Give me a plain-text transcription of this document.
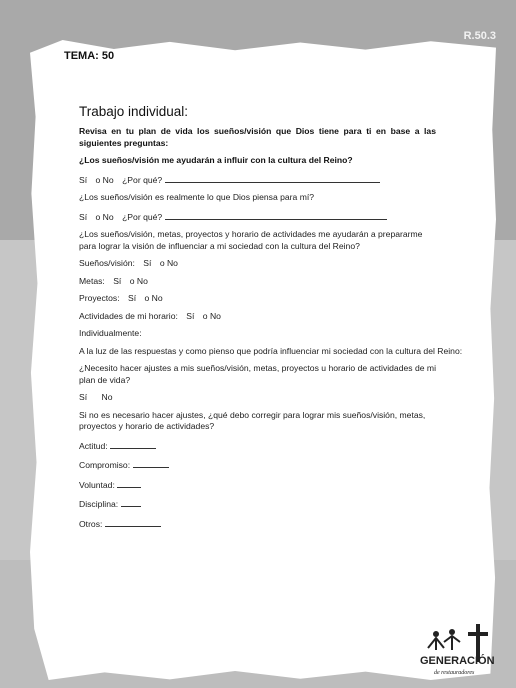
R.50.3
TEMA: 50
Trabajo individual:
Revisa en tu plan de vida los sueños/visión que Dios tiene para ti en base a las siguientes preguntas:
¿Los sueños/visión me ayudarán a influir con la cultura del Reino?
Sí o No ¿Por qué?
¿Los sueños/visión es realmente lo que Dios piensa para mí?
Sí o No ¿Por qué?
¿Los sueños/visión, metas, proyectos y horario de actividades me ayudarán a prepararme para lograr la visión de influenciar a mi sociedad con la cultura del Reino?
Sueños/visión: Sí o No
Metas: Sí o No
Proyectos: Sí o No
Actividades de mi horario: Sí o No
Individualmente:
A la luz de las respuestas y como pienso que podría influenciar mi sociedad con la cultura del Reino:
¿Necesito hacer ajustes a mis sueños/visión, metas, proyectos u horario de actividades de mi plan de vida?
Sí No
Si no es necesario hacer ajustes, ¿qué debo corregir para lograr mis sueños/visión, metas, proyectos y horario de actividades?
Actitud:
Compromiso:
Voluntad:
Disciplina:
Otros:
GENERACIÓN
de restauradores
